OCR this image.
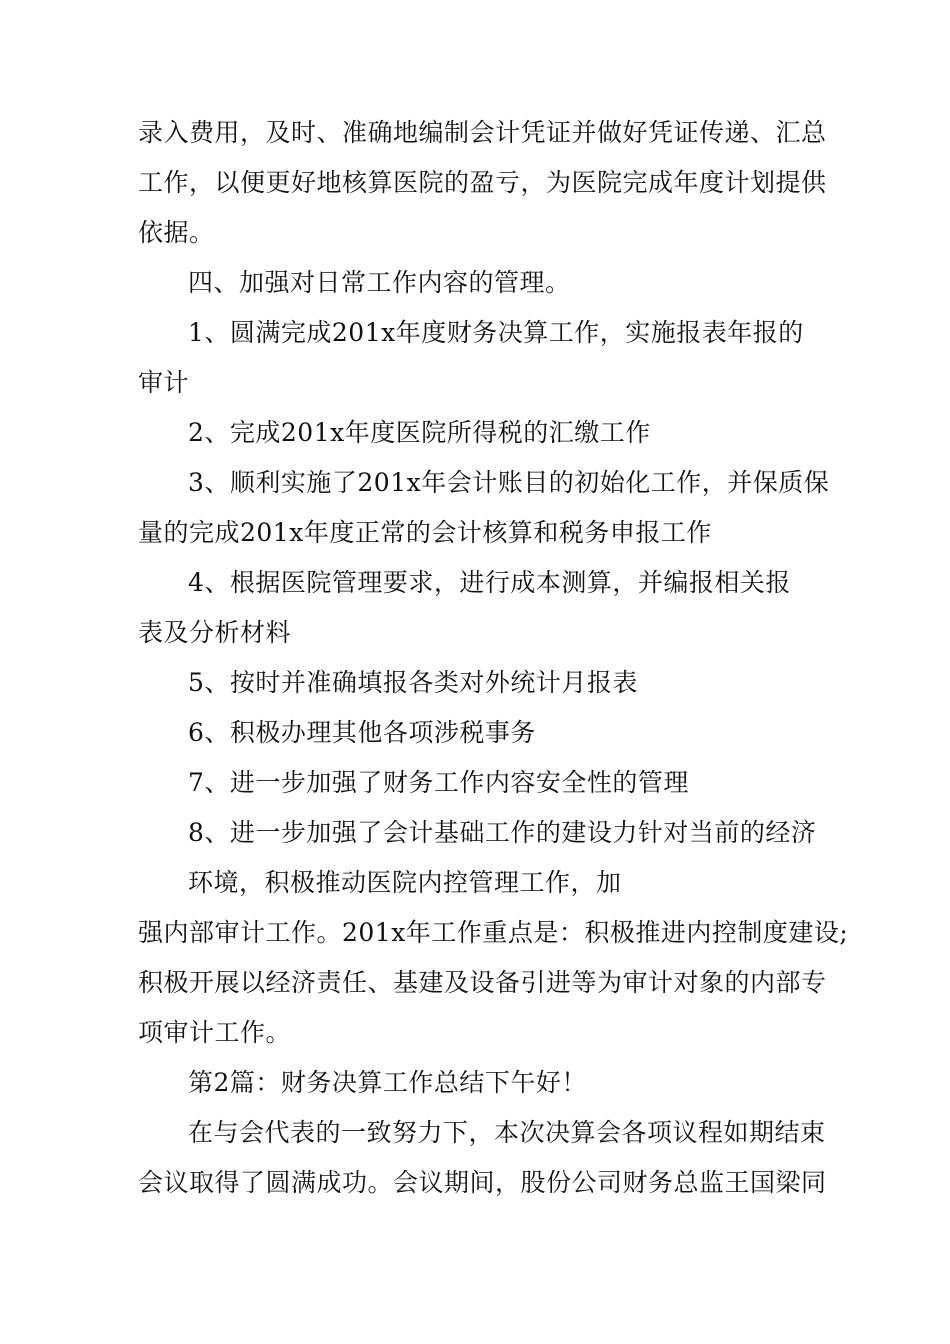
录入费用，及时、准确地编制会计凭证并做好凭证传递、汇总
工作，以便更好地核算医院的盈亏，为医院完成年度计划提供
依据。
四、加强对日常工作内容的管理。
1、圆满完成201x年度财务决算工作，实施报表年报的
审计
2、完成201x年度医院所得税的汇缴工作
3、顺利实施了201x年会计账目的初始化工作，并保质保
量的完成201x年度正常的会计核算和税务申报工作
4、根据医院管理要求，进行成本测算，并编报相关报
表及分析材料
5、按时并准确填报各类对外统计月报表
6、积极办理其他各项涉税事务
7、进一步加强了财务工作内容安全性的管理
8、进一步加强了会计基础工作的建设力针对当前的经济
环境，积极推动医院内控管理工作，加
强内部审计工作。201x年工作重点是：积极推进内控制度建设;
积极开展以经济责任、基建及设备引进等为审计对象的内部专
项审计工作。
第2篇：财务决算工作总结下午好！
在与会代表的一致努力下，本次决算会各项议程如期结束
会议取得了圆满成功。会议期间，股份公司财务总监王国梁同
